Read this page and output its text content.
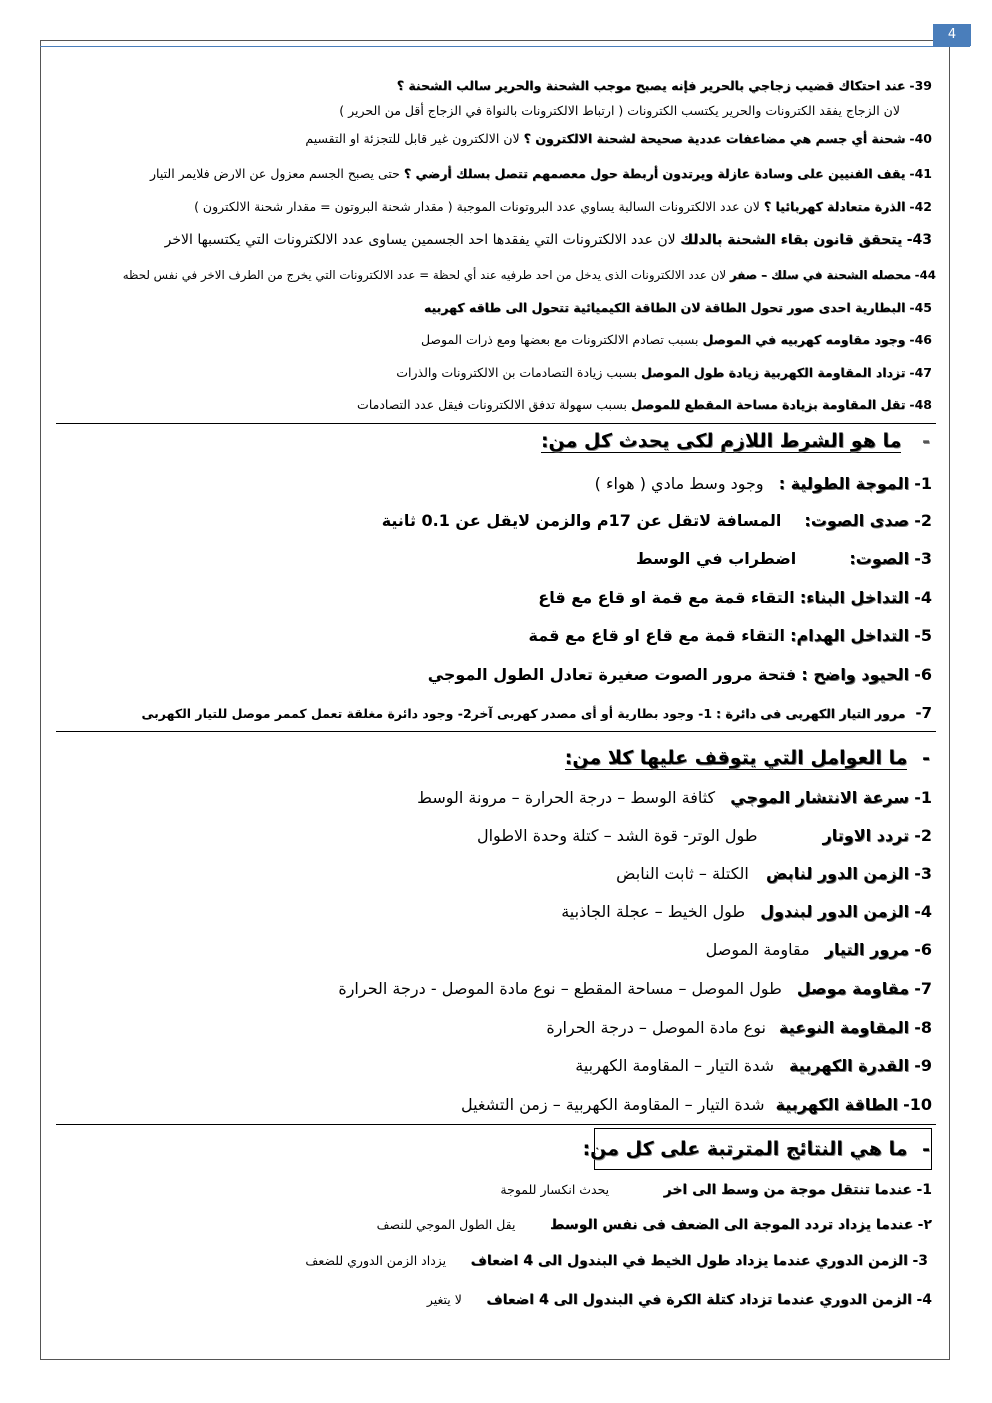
4
39- عند احتكاك قضيب زجاجي بالحرير فإنه يصبح موجب الشحنة والحرير سالب الشحنة ؟
لان الزجاج يفقد الكترونات والحرير يكتسب الكترونات ( ارتباط الالكترونات بالنواة في الزجاج أقل من الحرير )
40- شحنة أي جسم هي مضاعفات عددية صحيحة لشحنة الالكترون ؟ لان الالكترون غير قابل للتجزئة او التقسيم
41- يقف الفنيين على وسادة عازلة ويرتدون أربطة حول معصمهم تتصل بسلك أرضي ؟ حتى يصبح الجسم معزول عن الارض فلايمر التيار
42- الذرة متعادلة كهربائيا ؟ لان عدد الالكترونات السالبة يساوي عدد البروتونات الموجبة ( مقدار شحنة البروتون = مقدار شحنة الالكترون )
43- يتحقق قانون بقاء الشحنة بالدلك لان عدد الالكترونات التي يفقدها احد الجسمين يساوى عدد الالكترونات التي يكتسبها الاخر
44- محصله الشحنة في سلك – صفر لان عدد الالكترونات الذى يدخل من احد طرفيه عند أي لحظة = عدد الالكترونات التي يخرج من الطرف الاخر في نفس لحظه
45- البطارية احدى صور تحول الطاقة لان الطاقة الكيميائية تتحول الى طاقه كهربيه
46- وجود مقاومه كهربيه في الموصل بسبب تصادم الالكترونات مع بعضها ومع ذرات الموصل
47- تزداد المقاومة الكهربية زيادة طول الموصل بسبب زيادة التصادمات بن الالكترونات والذرات
48- تقل المقاومة بزيادة مساحة المقطع للموصل بسبب سهولة تدفق الالكترونات فيقل عدد التصادمات
- ما هو الشرط اللازم لكى يحدث كل من:
1- الموجة الطولية : وجود وسط مادي ( هواء )
2- صدى الصوت: المسافة لاتقل عن 17م والزمن لايقل عن 0.1 ثانية
3- الصوت: اضطراب في الوسط
4- التداخل البناء: التقاء قمة مع قمة او قاع مع قاع
5- التداخل الهدام: التقاء قمة مع قاع او قاع مع قمة
6- الحيود واضح : فتحة مرور الصوت صغيرة تعادل الطول الموجي
7- مرور التيار الكهربى فى دائرة : 1- وجود بطارية أو أى مصدر كهربى آخر2- وجود دائرة مغلقة تعمل كممر موصل للتيار الكهربى
- ما العوامل التي يتوقف عليها كلا من:
1- سرعة الانتشار الموجي كثافة الوسط – درجة الحرارة – مرونة الوسط
2- تردد الاوتار طول الوتر- قوة الشد – كتلة وحدة الاطوال
3- الزمن الدور لنابض الكتلة – ثابت النابض
4- الزمن الدور لبندول طول الخيط – عجلة الجاذبية
6- مرور التيار مقاومة الموصل
7- مقاومة موصل طول الموصل – مساحة المقطع – نوع مادة الموصل - درجة الحرارة
8- المقاومة النوعية نوع مادة الموصل – درجة الحرارة
9- القدرة الكهربية شدة التيار – المقاومة الكهربية
10- الطاقة الكهربية شدة التيار – المقاومة الكهربية – زمن التشغيل
- ما هي النتائج المترتبة على كل من:
1- عندما تنتقل موجة من وسط الى اخر يحدث انكسار للموجة
٢- عندما يزداد تردد الموجة الى الضعف فى نفس الوسط يقل الطول الموجي للنصف
3- الزمن الدوري عندما يزداد طول الخيط في البندول الى 4 اضعاف يزداد الزمن الدوري للضعف
4- الزمن الدوري عندما تزداد كتلة الكرة في البندول الى 4 اضعاف لا يتغير
